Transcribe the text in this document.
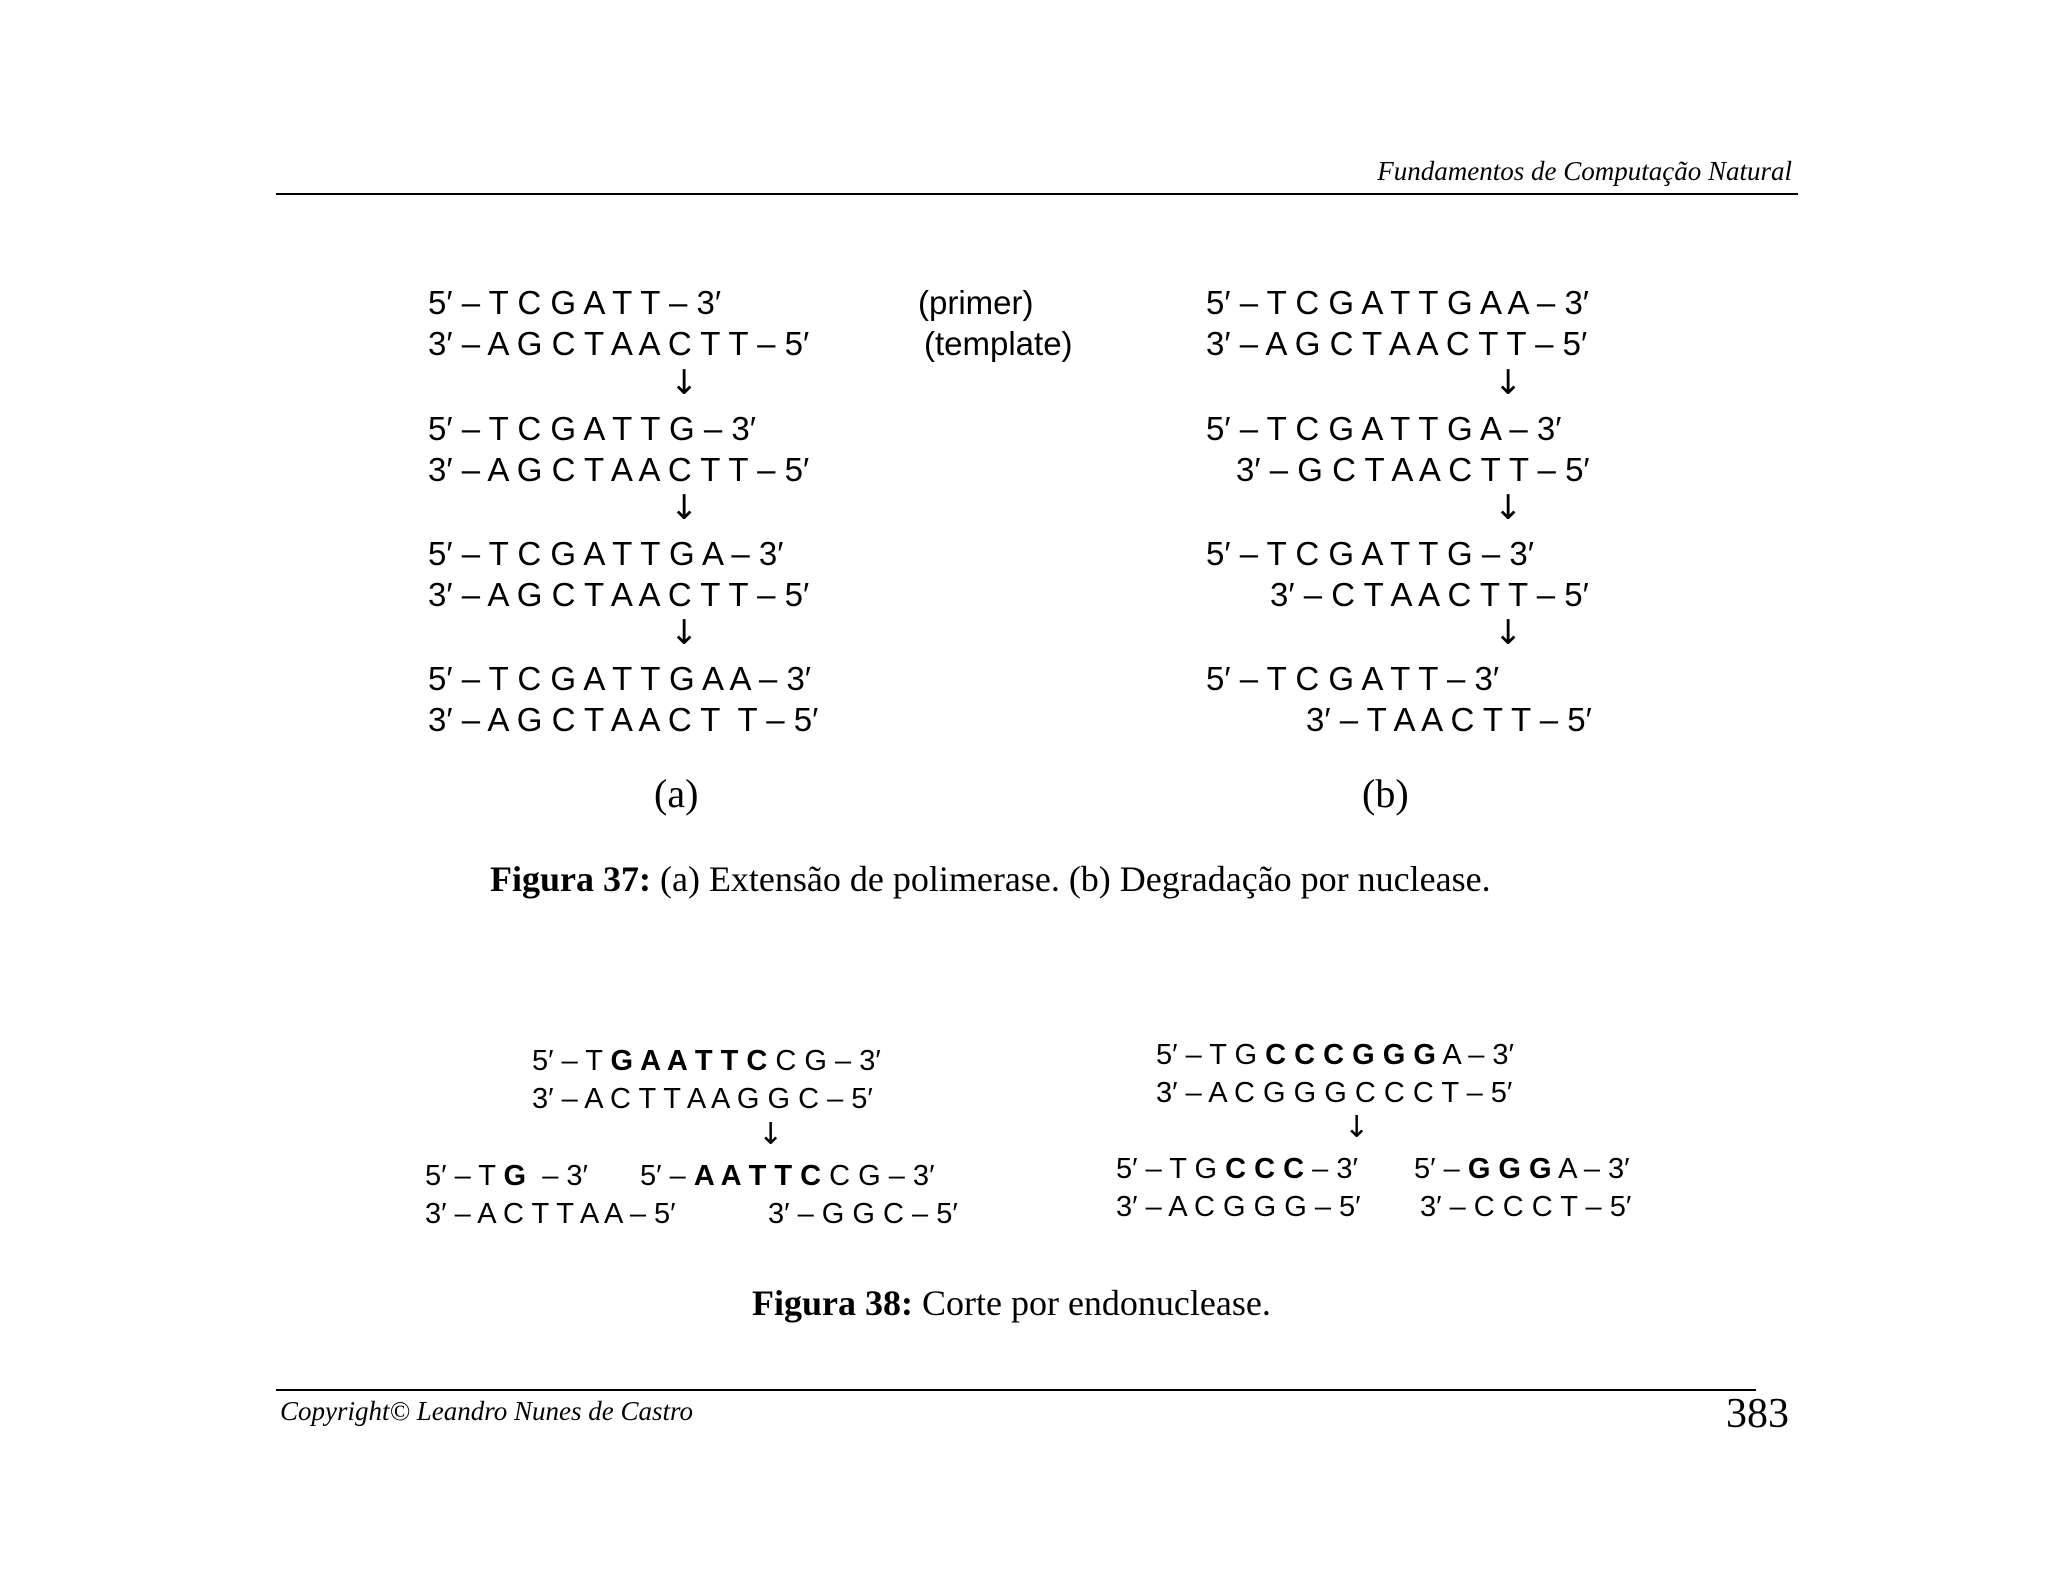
Fundamentos de Computação Natural
5′ – T C G A T T – 3′
3′ – A G C T A A C T T – 5′
(primer)
(template)
↓
5′ – T C G A T T G – 3′
3′ – A G C T A A C T T – 5′
↓
5′ – T C G A T T G A – 3′
3′ – A G C T A A C T T – 5′
↓
5′ – T C G A T T G A A – 3′
3′ – A G C T A A C T  T – 5′
(a)
5′ – T C G A T T G A A – 3′
3′ – A G C T A A C T T – 5′
↓
5′ – T C G A T T G A – 3′
3′ – G C T A A C T T – 5′
↓
5′ – T C G A T T G – 3′
3′ – C T A A C T T – 5′
↓
5′ – T C G A T T – 3′
3′ – T A A C T T – 5′
(b)
Figura 37: (a) Extensão de polimerase. (b) Degradação por nuclease.
5′ – T G A A T T C C G – 3′
3′ – A C T T A A G G C – 5′
↓
5′ – T G  – 3′
3′ – A C T T A A – 5′
5′ – A A T T C C G – 3′
3′ – G G C – 5′
5′ – T G C C C G G G A – 3′
3′ – A C G G G C C C T – 5′
↓
5′ – T G C C C – 3′
3′ – A C G G G – 5′
5′ – G G G A – 3′
3′ – C C C T – 5′
Figura 38: Corte por endonuclease.
Copyright© Leandro Nunes de Castro	383
